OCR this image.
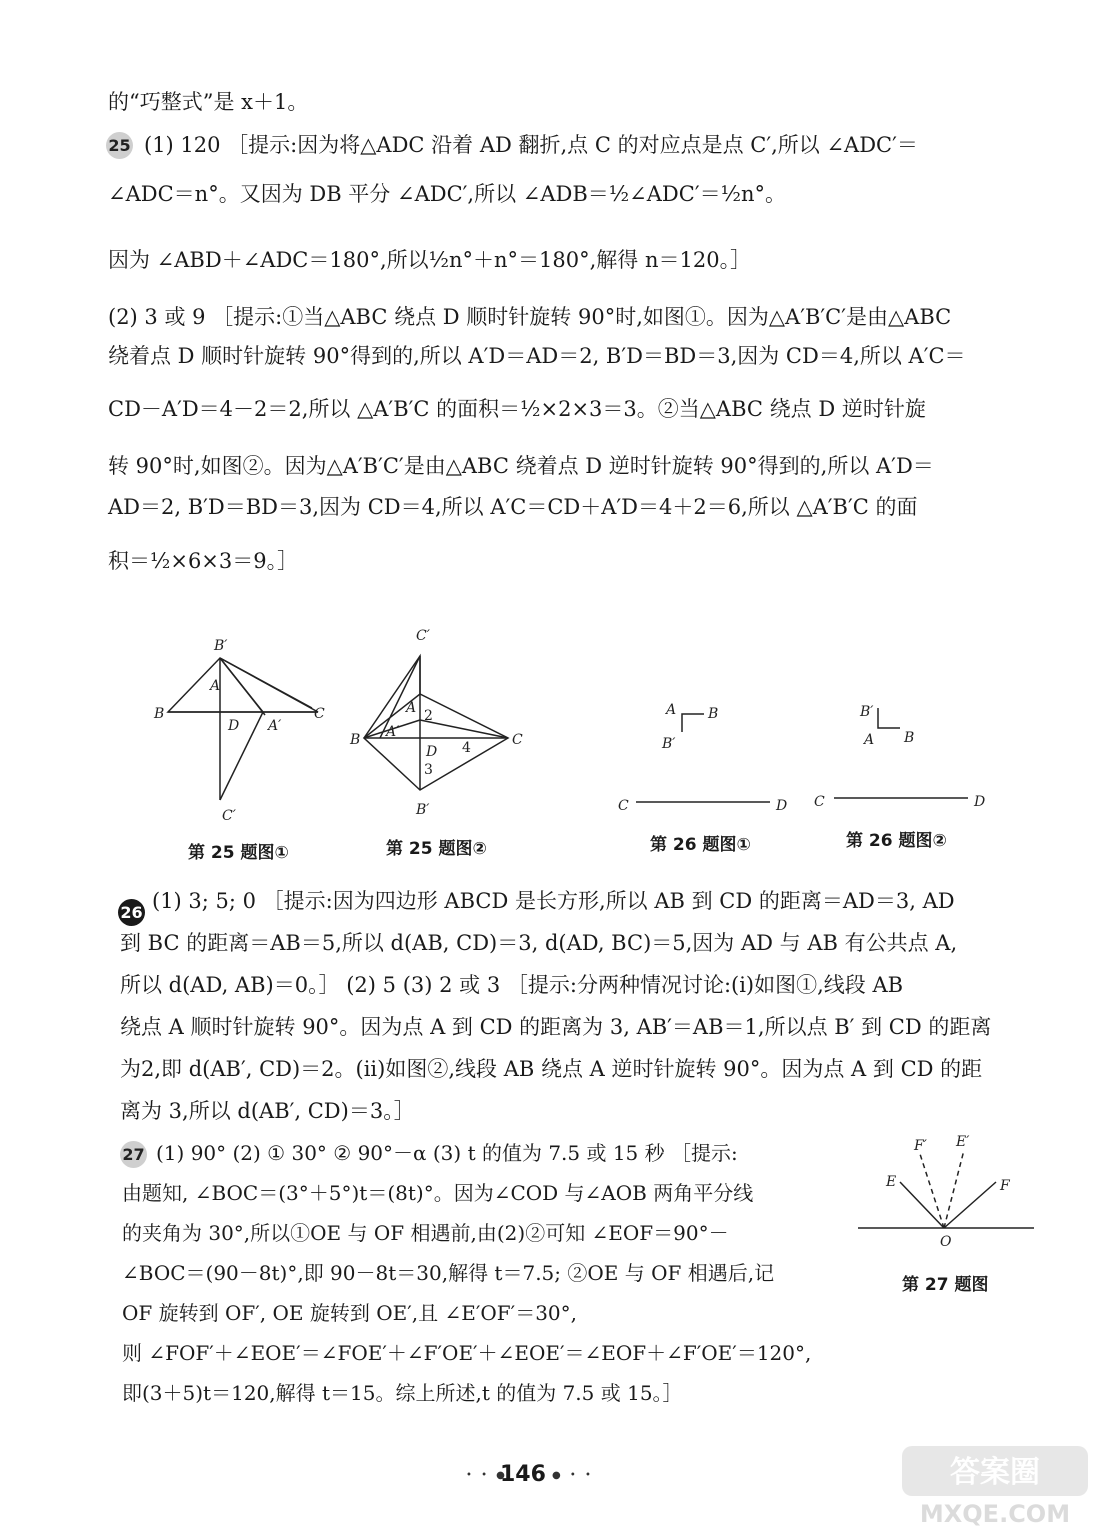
的“巧整式”是 x＋1。
25 (1) 120 ［提示:因为将△ADC 沿着 AD 翻折,点 C 的对应点是点 C′,所以 ∠ADC′＝
∠ADC＝n°。又因为 DB 平分 ∠ADC′,所以 ∠ADB＝½∠ADC′＝½n°。
因为 ∠ABD＋∠ADC＝180°,所以½n°＋n°＝180°,解得 n＝120。］
(2) 3 或 9 ［提示:①当△ABC 绕点 D 顺时针旋转 90°时,如图①。因为△A′B′C′是由△ABC
绕着点 D 顺时针旋转 90°得到的,所以 A′D＝AD＝2, B′D＝BD＝3,因为 CD＝4,所以 A′C＝
CD－A′D＝4－2＝2,所以 △A′B′C 的面积＝½×2×3＝3。②当△ABC 绕点 D 逆时针旋
转 90°时,如图②。因为△A′B′C′是由△ABC 绕着点 D 逆时针旋转 90°得到的,所以 A′D＝
AD＝2, B′D＝BD＝3,因为 CD＝4,所以 A′C＝CD＋A′D＝4＋2＝6,所以 △A′B′C 的面
积＝½×6×3＝9。］
B′
A
B
D A′
C
C′
C′
A 2
B A′
D 4	C
3
B′
A B
B′
C	D
B′
A B
C	D
第 25 题图①	第 25 题图②	第 26 题图①	第 26 题图②
26 (1) 3; 5; 0 ［提示:因为四边形 ABCD 是长方形,所以 AB 到 CD 的距离＝AD＝3, AD
到 BC 的距离＝AB＝5,所以 d(AB, CD)＝3, d(AD, BC)＝5,因为 AD 与 AB 有公共点 A,
所以 d(AD, AB)＝0。］ (2) 5 (3) 2 或 3 ［提示:分两种情况讨论:(i)如图①,线段 AB
绕点 A 顺时针旋转 90°。因为点 A 到 CD 的距离为 3, AB′＝AB＝1,所以点 B′ 到 CD 的距离
为2,即 d(AB′, CD)＝2。(ii)如图②,线段 AB 绕点 A 逆时针旋转 90°。因为点 A 到 CD 的距
离为 3,所以 d(AB′, CD)＝3。］
27 (1) 90° (2) ① 30° ② 90°－α (3) t 的值为 7.5 或 15 秒 ［提示:
由题知, ∠BOC＝(3°＋5°)t＝(8t)°。因为∠COD 与∠AOB 两角平分线
的夹角为 30°,所以①OE 与 OF 相遇前,由(2)②可知 ∠EOF＝90°－
∠BOC＝(90－8t)°,即 90－8t＝30,解得 t＝7.5; ②OE 与 OF 相遇后,记
OF 旋转到 OF′, OE 旋转到 OE′,且 ∠E′OF′＝30°,
则 ∠FOF′＋∠EOE′＝∠FOE′＋∠F′OE′＋∠EOE′＝∠EOF＋∠F′OE′＝120°,
即(3＋5)t＝120,解得 t＝15。综上所述,t 的值为 7.5 或 15。］
F′ E′
E	F
O
第 27 题图
• • ●
146 ● • •	答案圈
MXQE.COM
